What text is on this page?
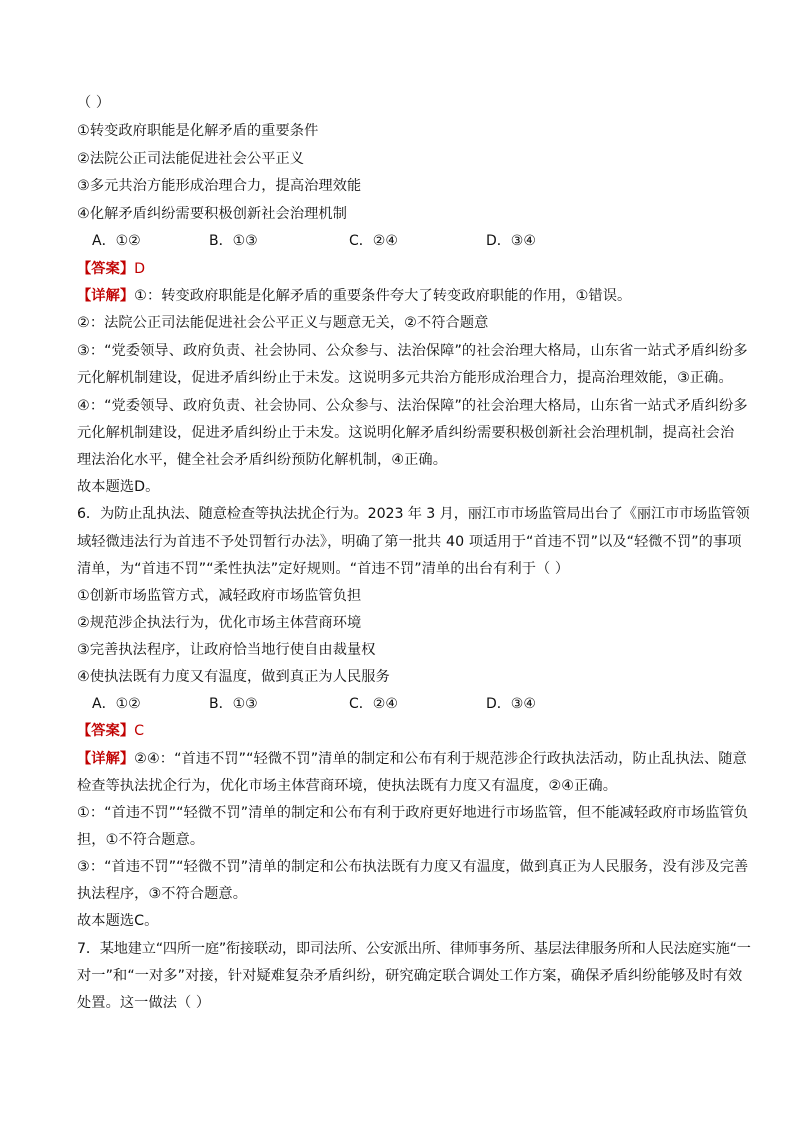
（ ）
①转变政府职能是化解矛盾的重要条件
②法院公正司法能促进社会公平正义
③多元共治方能形成治理合力，提高治理效能
④化解矛盾纠纷需要积极创新社会治理机制
A．①②	B．①③	C．②④	D．③④
【答案】D
【详解】①：转变政府职能是化解矛盾的重要条件夸大了转变政府职能的作用，①错误。
②：法院公正司法能促进社会公平正义与题意无关，②不符合题意
③：“党委领导、政府负责、社会协同、公众参与、法治保障”的社会治理大格局，山东省一站式矛盾纠纷多
元化解机制建设，促进矛盾纠纷止于未发。这说明多元共治方能形成治理合力，提高治理效能，③正确。
④：“党委领导、政府负责、社会协同、公众参与、法治保障”的社会治理大格局，山东省一站式矛盾纠纷多
元化解机制建设，促进矛盾纠纷止于未发。这说明化解矛盾纠纷需要积极创新社会治理机制，提高社会治
理法治化水平，健全社会矛盾纠纷预防化解机制，④正确。
故本题选D。
6．为防止乱执法、随意检查等执法扰企行为。2023 年 3 月，丽江市市场监管局出台了《丽江市市场监管领
域轻微违法行为首违不予处罚暂行办法》，明确了第一批共 40 项适用于“首违不罚”以及“轻微不罚”的事项
清单，为“首违不罚”“柔性执法”定好规则。“首违不罚”清单的出台有利于（ ）
①创新市场监管方式，减轻政府市场监管负担
②规范涉企执法行为，优化市场主体营商环境
③完善执法程序，让政府恰当地行使自由裁量权
④使执法既有力度又有温度，做到真正为人民服务
A．①②	B．①③	C．②④	D．③④
【答案】C
【详解】②④：“首违不罚”“轻微不罚”清单的制定和公布有利于规范涉企行政执法活动，防止乱执法、随意
检查等执法扰企行为，优化市场主体营商环境，使执法既有力度又有温度，②④正确。
①：“首违不罚”“轻微不罚”清单的制定和公布有利于政府更好地进行市场监管，但不能减轻政府市场监管负
担，①不符合题意。
③：“首违不罚”“轻微不罚”清单的制定和公布执法既有力度又有温度，做到真正为人民服务，没有涉及完善
执法程序，③不符合题意。
故本题选C。
7．某地建立“四所一庭”衔接联动，即司法所、公安派出所、律师事务所、基层法律服务所和人民法庭实施“一
对一”和“一对多”对接，针对疑难复杂矛盾纠纷，研究确定联合调处工作方案，确保矛盾纠纷能够及时有效
处置。这一做法（ ）
